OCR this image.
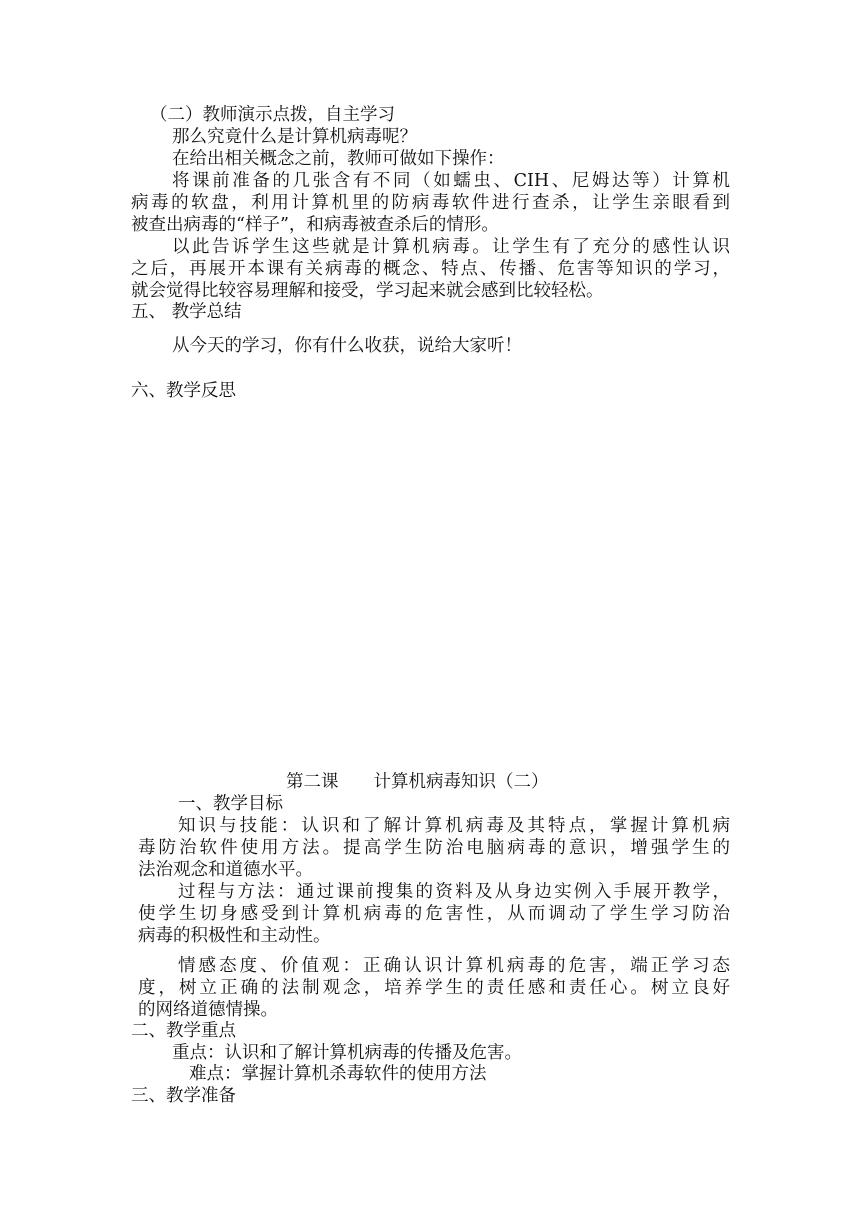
（二）教师演示点拨，自主学习

那么究竟什么是计算机病毒呢？

在给出相关概念之前，教师可做如下操作：

将课前准备的几张含有不同（如蠕虫、CIH、尼姆达等）计算机

病毒的软盘，利用计算机里的防病毒软件进行查杀，让学生亲眼看到

被查出病毒的“样子”，和病毒被查杀后的情形。

以此告诉学生这些就是计算机病毒。让学生有了充分的感性认识

之后，再展开本课有关病毒的概念、特点、传播、危害等知识的学习，

就会觉得比较容易理解和接受，学习起来就会感到比较轻松。

五、 教学总结

从今天的学习，你有什么收获，说给大家听！

六、教学反思

第二课　　计算机病毒知识（二）

一、教学目标

知识与技能：认识和了解计算机病毒及其特点，掌握计算机病

毒防治软件使用方法。提高学生防治电脑病毒的意识，增强学生的

法治观念和道德水平。

过程与方法：通过课前搜集的资料及从身边实例入手展开教学，

使学生切身感受到计算机病毒的危害性，从而调动了学生学习防治

病毒的积极性和主动性。

情感态度、价值观：正确认识计算机病毒的危害，端正学习态

度，树立正确的法制观念，培养学生的责任感和责任心。树立良好

的网络道德情操。

二、教学重点

重点：认识和了解计算机病毒的传播及危害。

难点：掌握计算机杀毒软件的使用方法

三、教学准备
